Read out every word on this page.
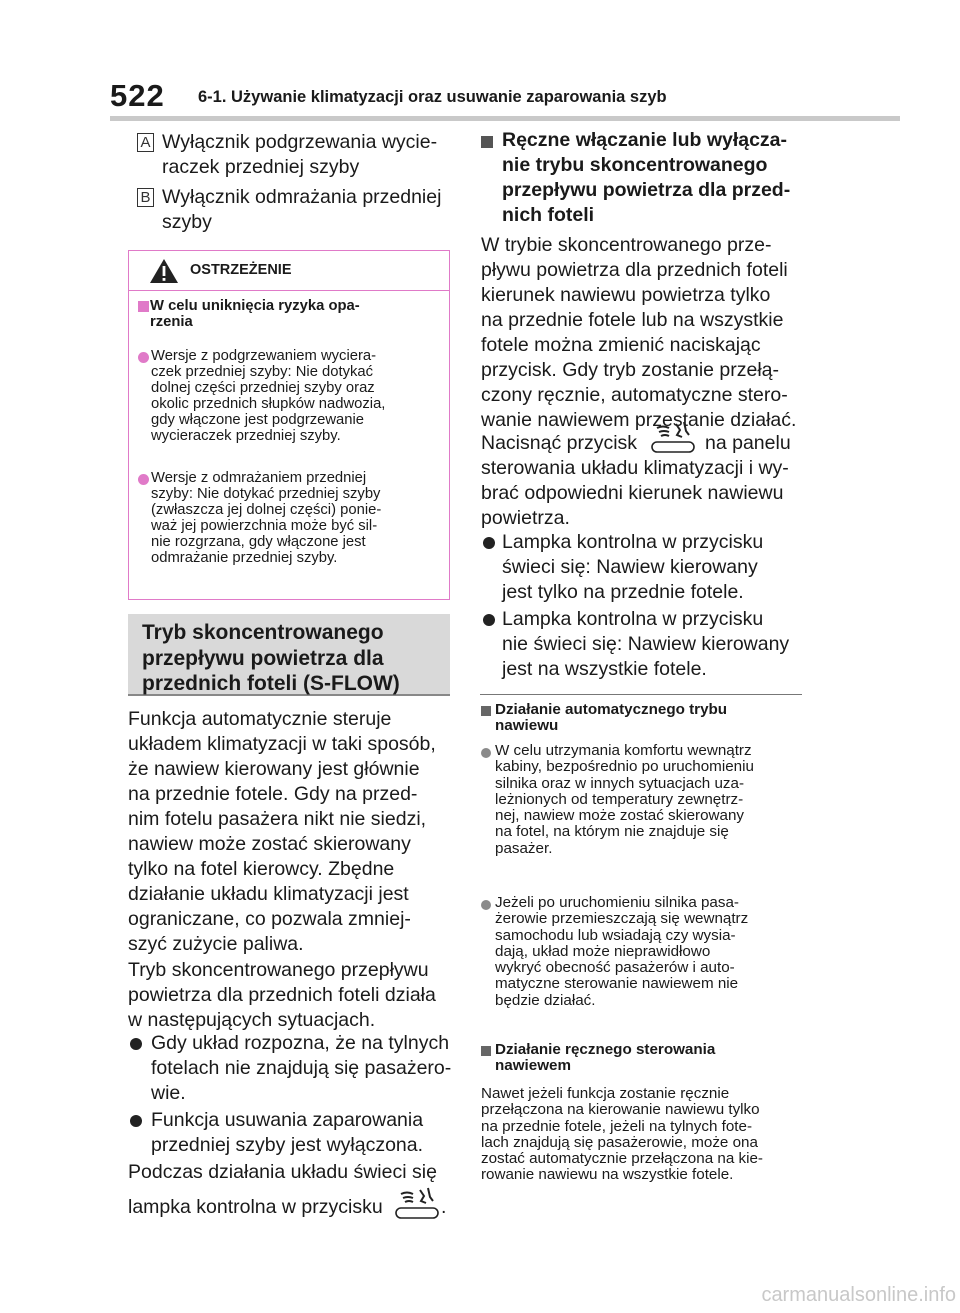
522 6-1. Używanie klimatyzacji oraz usuwanie zaparowania szyb
A Wyłącznik podgrzewania wycie-
raczek przedniej szyby
B Wyłącznik odmrażania przedniej
szyby
OSTRZEŻENIE
W celu uniknięcia ryzyka opa-
rzenia
Wersje z podgrzewaniem wyciera-
czek przedniej szyby: Nie dotykać
dolnej części przedniej szyby oraz
okolic przednich słupków nadwozia,
gdy włączone jest podgrzewanie
wycieraczek przedniej szyby.
Wersje z odmrażaniem przedniej
szyby: Nie dotykać przedniej szyby
(zwłaszcza jej dolnej części) ponie-
waż jej powierzchnia może być sil-
nie rozgrzana, gdy włączone jest
odmrażanie przedniej szyby.
Tryb skoncentrowanego
przepływu powietrza dla
przednich foteli (S-FLOW)
Funkcja automatycznie steruje
układem klimatyzacji w taki sposób,
że nawiew kierowany jest głównie
na przednie fotele. Gdy na przed-
nim fotelu pasażera nikt nie siedzi,
nawiew może zostać skierowany
tylko na fotel kierowcy. Zbędne
działanie układu klimatyzacji jest
ograniczane, co pozwala zmniej-
szyć zużycie paliwa.
Tryb skoncentrowanego przepływu
powietrza dla przednich foteli działa
w następujących sytuacjach.
Gdy układ rozpozna, że na tylnych
fotelach nie znajdują się pasażero-
wie.
Funkcja usuwania zaparowania
przedniej szyby jest wyłączona.
Podczas działania układu świeci się
lampka kontrolna w przycisku	.
Ręczne włączanie lub wyłącza-
nie trybu skoncentrowanego
przepływu powietrza dla przed-
nich foteli
W trybie skoncentrowanego prze-
pływu powietrza dla przednich foteli
kierunek nawiewu powietrza tylko
na przednie fotele lub na wszystkie
fotele można zmienić naciskając
przycisk. Gdy tryb zostanie przełą-
czony ręcznie, automatyczne stero-
wanie nawiewem przestanie działać.
Nacisnąć przycisk	na panelu
sterowania układu klimatyzacji i wy-
brać odpowiedni kierunek nawiewu
powietrza.
Lampka kontrolna w przycisku
świeci się: Nawiew kierowany
jest tylko na przednie fotele.
Lampka kontrolna w przycisku
nie świeci się: Nawiew kierowany
jest na wszystkie fotele.
Działanie automatycznego trybu
nawiewu
W celu utrzymania komfortu wewnątrz
kabiny, bezpośrednio po uruchomieniu
silnika oraz w innych sytuacjach uza-
leżnionych od temperatury zewnętrz-
nej, nawiew może zostać skierowany
na fotel, na którym nie znajduje się
pasażer.
Jeżeli po uruchomieniu silnika pasa-
żerowie przemieszczają się wewnątrz
samochodu lub wsiadają czy wysia-
dają, układ może nieprawidłowo
wykryć obecność pasażerów i auto-
matyczne sterowanie nawiewem nie
będzie działać.
Działanie ręcznego sterowania
nawiewem
Nawet jeżeli funkcja zostanie ręcznie
przełączona na kierowanie nawiewu tylko
na przednie fotele, jeżeli na tylnych fote-
lach znajdują się pasażerowie, może ona
zostać automatycznie przełączona na kie-
rowanie nawiewu na wszystkie fotele.
carmanualsonline.info
